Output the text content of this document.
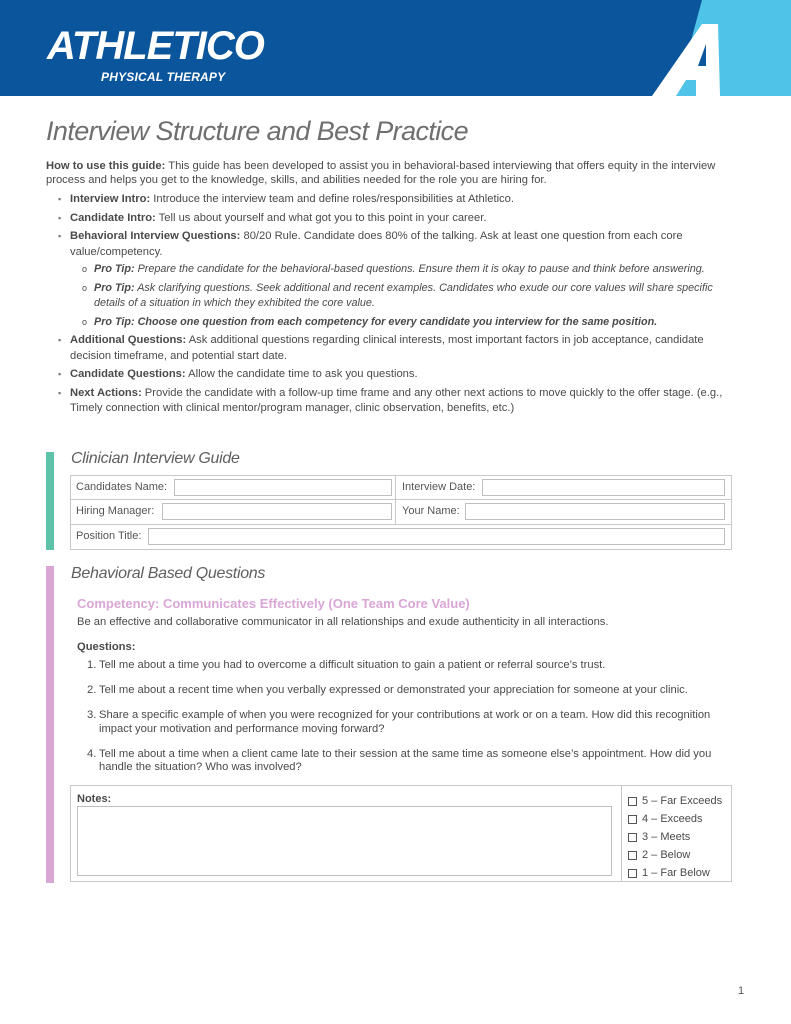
ATHLETICO
PHYSICAL THERAPY
Interview Structure and Best Practice
How to use this guide: This guide has been developed to assist you in behavioral-based interviewing that offers equity in the interview process and helps you get to the knowledge, skills, and abilities needed for the role you are hiring for.
▪ Interview Intro: Introduce the interview team and define roles/responsibilities at Athletico.
▪ Candidate Intro: Tell us about yourself and what got you to this point in your career.
▪ Behavioral Interview Questions: 80/20 Rule. Candidate does 80% of the talking. Ask at least one question from each core value/competency.
o Pro Tip: Prepare the candidate for the behavioral-based questions. Ensure them it is okay to pause and think before answering.
o Pro Tip: Ask clarifying questions. Seek additional and recent examples. Candidates who exude our core values will share specific details of a situation in which they exhibited the core value.
o Pro Tip: Choose one question from each competency for every candidate you interview for the same position.
▪ Additional Questions: Ask additional questions regarding clinical interests, most important factors in job acceptance, candidate decision timeframe, and potential start date.
▪ Candidate Questions: Allow the candidate time to ask you questions.
▪ Next Actions: Provide the candidate with a follow-up time frame and any other next actions to move quickly to the offer stage. (e.g., Timely connection with clinical mentor/program manager, clinic observation, benefits, etc.)
Clinician Interview Guide
Candidates Name:	Interview Date:
Hiring Manager:	Your Name:
Position Title:
Behavioral Based Questions
Competency: Communicates Effectively (One Team Core Value)
Be an effective and collaborative communicator in all relationships and exude authenticity in all interactions.
Questions:
1. Tell me about a time you had to overcome a difficult situation to gain a patient or referral source’s trust.
2. Tell me about a recent time when you verbally expressed or demonstrated your appreciation for someone at your clinic.
3. Share a specific example of when you were recognized for your contributions at work or on a team. How did this recognition impact your motivation and performance moving forward?
4. Tell me about a time when a client came late to their session at the same time as someone else’s appointment. How did you handle the situation? Who was involved?
Notes:	5 – Far Exceeds
4 – Exceeds
3 – Meets
2 – Below
1 – Far Below
1
